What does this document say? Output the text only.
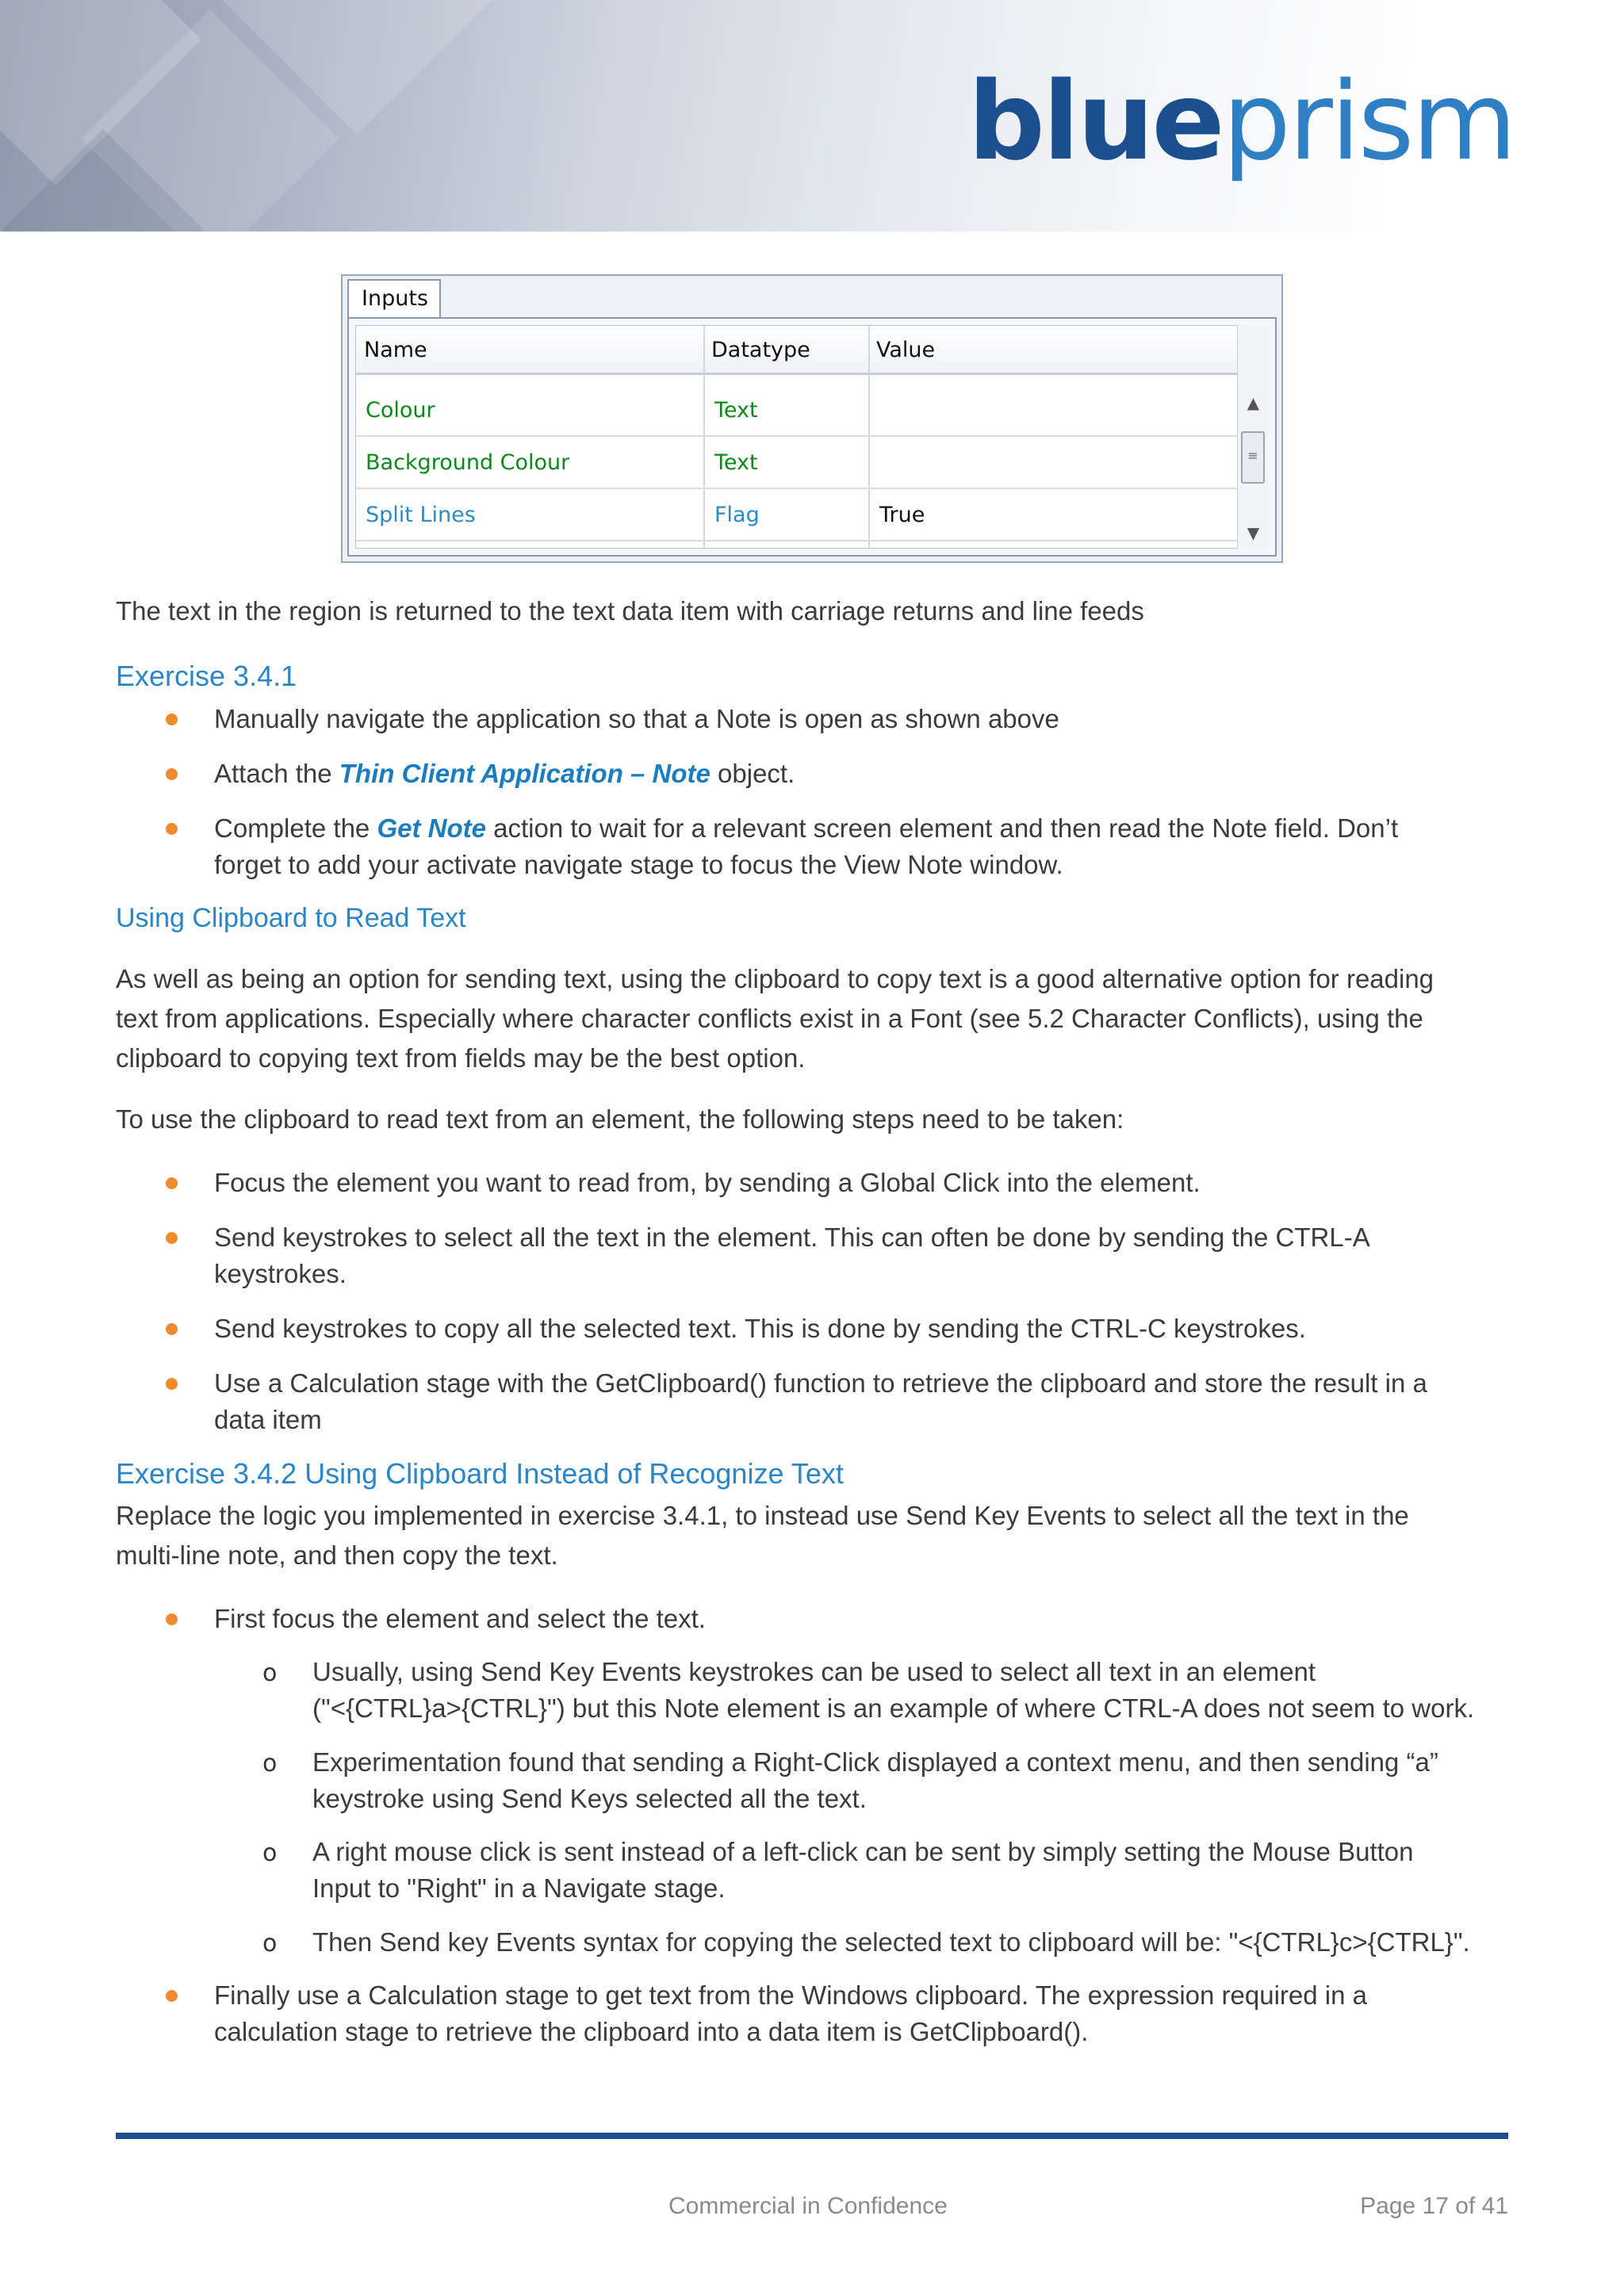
blueprism
Inputs
Name	Datatype	Value
Colour	Text
Background Colour	Text
Split Lines	Flag	True
▲
≡
▼
The text in the region is returned to the text data item with carriage returns and line feeds
Exercise 3.4.1
Manually navigate the application so that a Note is open as shown above
Attach the Thin Client Application – Note object.
Complete the Get Note action to wait for a relevant screen element and then read the Note field. Don’t
forget to add your activate navigate stage to focus the View Note window.
Using Clipboard to Read Text
As well as being an option for sending text, using the clipboard to copy text is a good alternative option for reading
text from applications. Especially where character conflicts exist in a Font (see 5.2 Character Conflicts), using the
clipboard to copying text from fields may be the best option.
To use the clipboard to read text from an element, the following steps need to be taken:
Focus the element you want to read from, by sending a Global Click into the element.
Send keystrokes to select all the text in the element. This can often be done by sending the CTRL-A
keystrokes.
Send keystrokes to copy all the selected text. This is done by sending the CTRL-C keystrokes.
Use a Calculation stage with the GetClipboard() function to retrieve the clipboard and store the result in a
data item
Exercise 3.4.2 Using Clipboard Instead of Recognize Text
Replace the logic you implemented in exercise 3.4.1, to instead use Send Key Events to select all the text in the
multi-line note, and then copy the text.
First focus the element and select the text.
o Usually, using Send Key Events keystrokes can be used to select all text in an element
("<{CTRL}a>{CTRL}") but this Note element is an example of where CTRL-A does not seem to work.
o Experimentation found that sending a Right-Click displayed a context menu, and then sending “a”
keystroke using Send Keys selected all the text.
o A right mouse click is sent instead of a left-click can be sent by simply setting the Mouse Button
Input to "Right" in a Navigate stage.
o Then Send key Events syntax for copying the selected text to clipboard will be: "<{CTRL}c>{CTRL}".
Finally use a Calculation stage to get text from the Windows clipboard. The expression required in a
calculation stage to retrieve the clipboard into a data item is GetClipboard().
Commercial in Confidence	Page 17 of 41
